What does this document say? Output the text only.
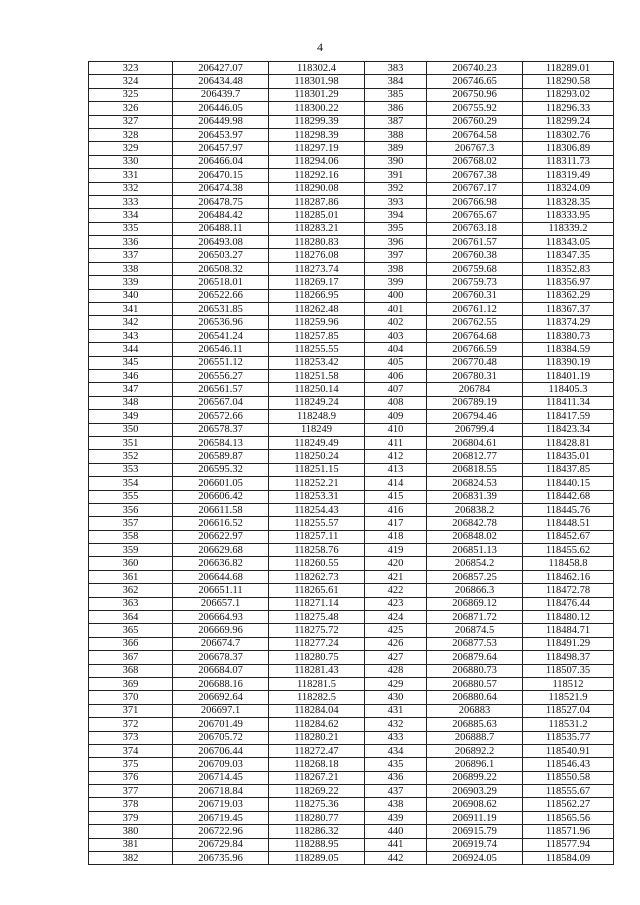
4
323	206427.07	118302.4	383	206740.23	118289.01
324	206434.48	118301.98	384	206746.65	118290.58
325	206439.7	118301.29	385	206750.96	118293.02
326	206446.05	118300.22	386	206755.92	118296.33
327	206449.98	118299.39	387	206760.29	118299.24
328	206453.97	118298.39	388	206764.58	118302.76
329	206457.97	118297.19	389	206767.3	118306.89
330	206466.04	118294.06	390	206768.02	118311.73
331	206470.15	118292.16	391	206767.38	118319.49
332	206474.38	118290.08	392	206767.17	118324.09
333	206478.75	118287.86	393	206766.98	118328.35
334	206484.42	118285.01	394	206765.67	118333.95
335	206488.11	118283.21	395	206763.18	118339.2
336	206493.08	118280.83	396	206761.57	118343.05
337	206503.27	118276.08	397	206760.38	118347.35
338	206508.32	118273.74	398	206759.68	118352.83
339	206518.01	118269.17	399	206759.73	118356.97
340	206522.66	118266.95	400	206760.31	118362.29
341	206531.85	118262.48	401	206761.12	118367.37
342	206536.96	118259.96	402	206762.55	118374.29
343	206541.24	118257.85	403	206764.68	118380.73
344	206546.11	118255.55	404	206766.59	118384.59
345	206551.12	118253.42	405	206770.48	118390.19
346	206556.27	118251.58	406	206780.31	118401.19
347	206561.57	118250.14	407	206784	118405.3
348	206567.04	118249.24	408	206789.19	118411.34
349	206572.66	118248.9	409	206794.46	118417.59
350	206578.37	118249	410	206799.4	118423.34
351	206584.13	118249.49	411	206804.61	118428.81
352	206589.87	118250.24	412	206812.77	118435.01
353	206595.32	118251.15	413	206818.55	118437.85
354	206601.05	118252.21	414	206824.53	118440.15
355	206606.42	118253.31	415	206831.39	118442.68
356	206611.58	118254.43	416	206838.2	118445.76
357	206616.52	118255.57	417	206842.78	118448.51
358	206622.97	118257.11	418	206848.02	118452.67
359	206629.68	118258.76	419	206851.13	118455.62
360	206636.82	118260.55	420	206854.2	118458.8
361	206644.68	118262.73	421	206857.25	118462.16
362	206651.11	118265.61	422	206866.3	118472.78
363	206657.1	118271.14	423	206869.12	118476.44
364	206664.93	118275.48	424	206871.72	118480.12
365	206669.96	118275.72	425	206874.5	118484.71
366	206674.7	118277.24	426	206877.53	118491.29
367	206678.37	118280.75	427	206879.64	118498.37
368	206684.07	118281.43	428	206880.73	118507.35
369	206688.16	118281.5	429	206880.57	118512
370	206692.64	118282.5	430	206880.64	118521.9
371	206697.1	118284.04	431	206883	118527.04
372	206701.49	118284.62	432	206885.63	118531.2
373	206705.72	118280.21	433	206888.7	118535.77
374	206706.44	118272.47	434	206892.2	118540.91
375	206709.03	118268.18	435	206896.1	118546.43
376	206714.45	118267.21	436	206899.22	118550.58
377	206718.84	118269.22	437	206903.29	118555.67
378	206719.03	118275.36	438	206908.62	118562.27
379	206719.45	118280.77	439	206911.19	118565.56
380	206722.96	118286.32	440	206915.79	118571.96
381	206729.84	118288.95	441	206919.74	118577.94
382	206735.96	118289.05	442	206924.05	118584.09
